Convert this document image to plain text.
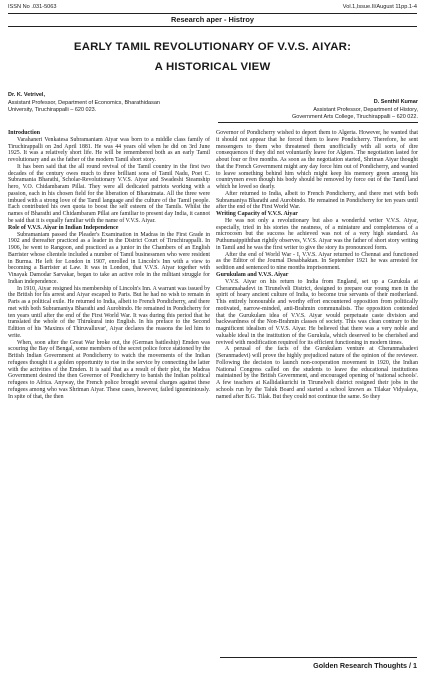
ISSN No .031-5063	Vol.1,Issue.II/August 11pp.1-4
Research aper - Histroy
EARLY TAMIL REVOLUTIONARY OF V.V.S. AIYAR:
A HISTORICAL VIEW
Dr. K. Vetrivel,
Assistant Professor, Department of Economics, Bharathidasan
University, Tiruchirappalli – 620 023.
D. Senthil Kumar
Assistant Professor, Department of History,
Government Arts College, Tiruchirappalli – 620 022.
Introduction

Varahaneri Venkatesa Subramaniam Aiyar was born to a middle class family of Tiruchirappalli on 2nd April 1881. He was 44 years old when he did on 3rd June 1925. It was a relatively short life. He will be remembered both as an early Tamil revolutionary and as the father of the modern Tamil short story.

It has been said that the all round revival of the Tamil country in the first two decades of the century owes much to three brilliant sons of Tamil Nadu, Poet C. Subramania Bharathi, Scholar-Revolutionary V.V.S. Aiyar and Swadeshi Steamship hero, V.O. Chidambaram Pillai. They were all dedicated patriots working with a passion, each in his chosen field for the liberation of Bharatmata. All the three were imbued with a strong love of the Tamil language and the culture of the Tamil people. Each contributed his own quota to boost the self esteem of the Tamils. Whilst the names of Bharathi and Chidambaram Pillai are familiar to present day India, it cannot be said that it is equally familiar with the name of V.V.S. Aiyar.

Role of V.V.S. Aiyar in Indian Independence

Subramaniam passed the Pleader's Examination in Madras in the First Grade in 1902 and thereafter practiced as a leader in the District Court of Tiruchirappalli. In 1906, he went to Rangoon, and practiced as a junior in the Chambers of an English Barrister whose clientele included a number of Tamil businessmen who were resident in Burma. He left for London in 1907, enrolled in Lincoln's Inn with a view to becoming a Barrister at Law. It was in London, that V.V.S. Aiyar together with Vinayak Damodar Sarvakar, began to take an active role in the militant struggle for Indian independence.

In 1910, Aiyar resigned his membership of Lincoln's Inn. A warrant was issued by the British for his arrest and Aiyar escaped to Paris. But he had no wish to remain in Paris as a political exile. He returned to India, albeit to French Pondicherry, and there met with both Subramaniya Bharathi and Aurobindo. He remained in Pondicherry for ten years until after the end of the First World War. It was during this period that he translated the whole of the Thirukural into English. In his preface to the Second Edition of his 'Maxims of Thiruvalluvar', Aiyar declares the reasons the led him to write.

When, soon after the Great War broke out, the (German battleship) Emden was scouring the Bay of Bengal, some members of the secret police force stationed by the British Indian Government at Pondicherry to watch the movements of the Indian refugees thought it a golden opportunity to rise in the service by connecting the latter with the activities of the Emden. It is said that as a result of their plot, the Madras Government desired the then Governor of Pondicherry to banish the Indian political refugees to Africa. Anyway, the French police brought several charges against these refugees among who was Shriman Aiyar. These cases, however, failed ignominiously. In spite of that, the then

Governor of Pondicherry wished to deport them to Algeria. However, he wanted that it should not appear that he forced them to leave Pondicherry. Therefore, he sent messengers to them who threatened them unofficially with all sorts of dire consequences if they did not voluntarily leave for Algiers. The negotiation lasted for about four or five months. As soon as the negotiation started, Shriman Aiyar thought that the French Government might any day force him out of Pondicherry, and wanted to leave something behind him which might keep his memory green among his countrymen even though his body should be removed by force out of the Tamil land which he loved so dearly.

After returned to India, albeit to French Pondicherry, and there met with both Subramaniya Bharathi and Aurobindo. He remained in Pondicherry for ten years until after the end of the First World War.

Writing Capacity of V.V.S. Aiyar

He was not only a revolutionary but also a wonderful writer V.V.S. Aiyar, especially, tried in his stories the neatness, of a miniature and completeness of a microcosm but the success he achieved was not of a very high standard. As Puthumaippiththan rightly observes, V.V.S. Aiyar was the father of short story writing in Tamil and he was the first writer to give the story its pronounced form.

After the end of World War - I, V.V.S. Aiyar returned to Chennai and functioned as the Editor of the Journal Desabhaktan. In September 1921 he was arrested for sedition and sentenced to nine months imprisonment.

Gurukulam and V.V.S. Aiyar

V.V.S. Aiyar on his return to India from England, set up a Gurukula at Cheranmahadevi in Tirunelveli District, designed to prepare our young men in the spirit of hoary ancient culture of India, to become true servants of their motherland. This entirely honourable and worthy effort encountered opposition from politically motivated, narrow-minded, anti-Brahmin communalists. The opposition contended that the Gurukulam idea of V.V.S. Aiyar would perpetuate caste division and backwardness of the Non-Brahmin classes of society. This was clean contrary to the magnificent idealism of V.V.S. Aiyar. He believed that there was a very noble and valuable ideal in the institution of the Gurukula, which deserved to be cherished and revived with modification required for its efficient functioning in modern times.

A perusal of the facts of the Gurukulam venture at Cheranmahadevi (Seranmadevi) will prove the highly prejudiced nature of the opinion of the reviewer. Following the decision to launch non-cooperation movement in 1920, the Indian National Congress called on the students to leave the educational institutions maintained by the British Government, and encouraged opening of 'national schools'. A few teachers at Kallidaikurichi in Tirunelveli district resigned their jobs in the schools run by the Taluk Board and started a school known as Tilakar Vidyalaya, named after B.G. Tilak. But they could not continue the same. So they

Golden Research Thoughts / 1
